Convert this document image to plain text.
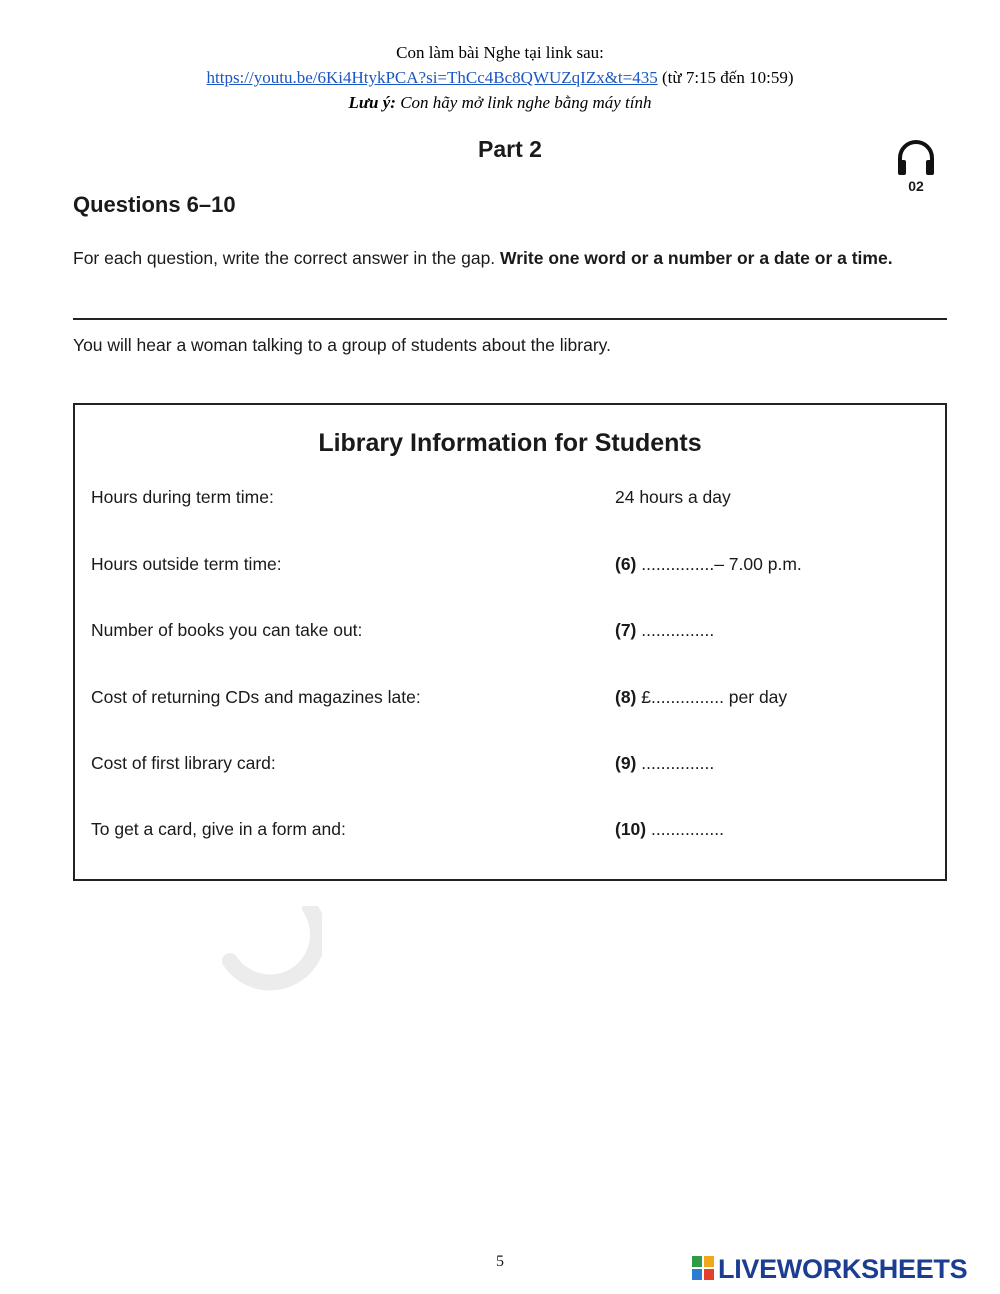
Con làm bài Nghe tại link sau:
https://youtu.be/6Ki4HtykPCA?si=ThCc4Bc8QWUZqIZx&t=435 (từ 7:15 đến 10:59)
Lưu ý: Con hãy mở link nghe bằng máy tính
Part 2
02
Questions 6–10
For each question, write the correct answer in the gap. Write one word or a number or a date or a time.
You will hear a woman talking to a group of students about the library.
Library Information for Students
Hours during term time:	24 hours a day
Hours outside term time:	(6) ...............– 7.00 p.m.
Number of books you can take out:	(7) ...............
Cost of returning CDs and magazines late:	(8) £............... per day
Cost of first library card:	(9) ...............
To get a card, give in a form and:	(10) ...............
5	LIVEWORKSHEETS
